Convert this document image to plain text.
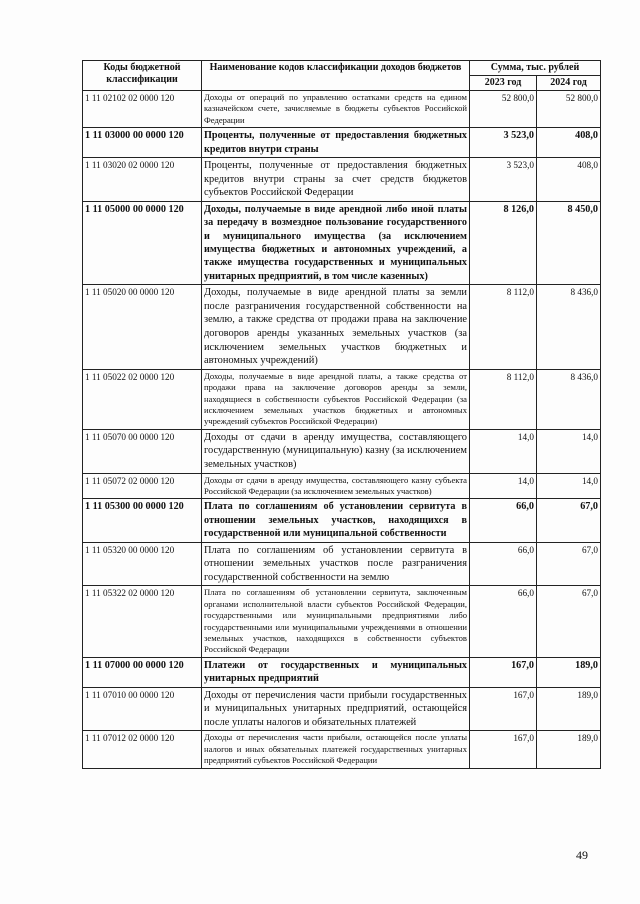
Коды бюджетной классификации	Наименование кодов классификации доходов бюджетов	Сумма, тыс. рублей	
		2023 год	2024 год
1 11 02102 02 0000 120	Доходы от операций по управлению остатками средств на едином казначейском счете, зачисляемые в бюджеты субъектов Российской Федерации	52 800,0	52 800,0
1 11 03000 00 0000 120	Проценты, полученные от предоставления бюджетных кредитов внутри страны	3 523,0	408,0
1 11 03020 02 0000 120	Проценты, полученные от предоставления бюджетных кредитов внутри страны за счет средств бюджетов субъектов Российской Федерации	3 523,0	408,0
1 11 05000 00 0000 120	Доходы, получаемые в виде арендной либо иной платы за передачу в возмездное пользование государственного и муниципального имущества (за исключением имущества бюджетных и автономных учреждений, а также имущества государственных и муниципальных унитарных предприятий, в том числе казенных)	8 126,0	8 450,0
1 11 05020 00 0000 120	Доходы, получаемые в виде арендной платы за земли после разграничения государственной собственности на землю, а также средства от продажи права на заключение договоров аренды указанных земельных участков (за исключением земельных участков бюджетных и автономных учреждений)	8 112,0	8 436,0
1 11 05022 02 0000 120	Доходы, получаемые в виде арендной платы, а также средства от продажи права на заключение договоров аренды за земли, находящиеся в собственности субъектов Российской Федерации (за исключением земельных участков бюджетных и автономных учреждений субъектов Российской Федерации)	8 112,0	8 436,0
1 11 05070 00 0000 120	Доходы от сдачи в аренду имущества, составляющего государственную (муниципальную) казну (за исключением земельных участков)	14,0	14,0
1 11 05072 02 0000 120	Доходы от сдачи в аренду имущества, составляющего казну субъекта Российской Федерации (за исключением земельных участков)	14,0	14,0
1 11 05300 00 0000 120	Плата по соглашениям об установлении сервитута в отношении земельных участков, находящихся в государственной или муниципальной собственности	66,0	67,0
1 11 05320 00 0000 120	Плата по соглашениям об установлении сервитута в отношении земельных участков после разграничения государственной собственности на землю	66,0	67,0
1 11 05322 02 0000 120	Плата по соглашениям об установлении сервитута, заключенным органами исполнительной власти субъектов Российской Федерации, государственными или муниципальными предприятиями либо государственными или муниципальными учреждениями в отношении земельных участков, находящихся в собственности субъектов Российской Федерации	66,0	67,0
1 11 07000 00 0000 120	Платежи от государственных и муниципальных унитарных предприятий	167,0	189,0
1 11 07010 00 0000 120	Доходы от перечисления части прибыли государственных и муниципальных унитарных предприятий, остающейся после уплаты налогов и обязательных платежей	167,0	189,0
1 11 07012 02 0000 120	Доходы от перечисления части прибыли, остающейся после уплаты налогов и иных обязательных платежей государственных унитарных предприятий субъектов Российской Федерации	167,0	189,0
49
